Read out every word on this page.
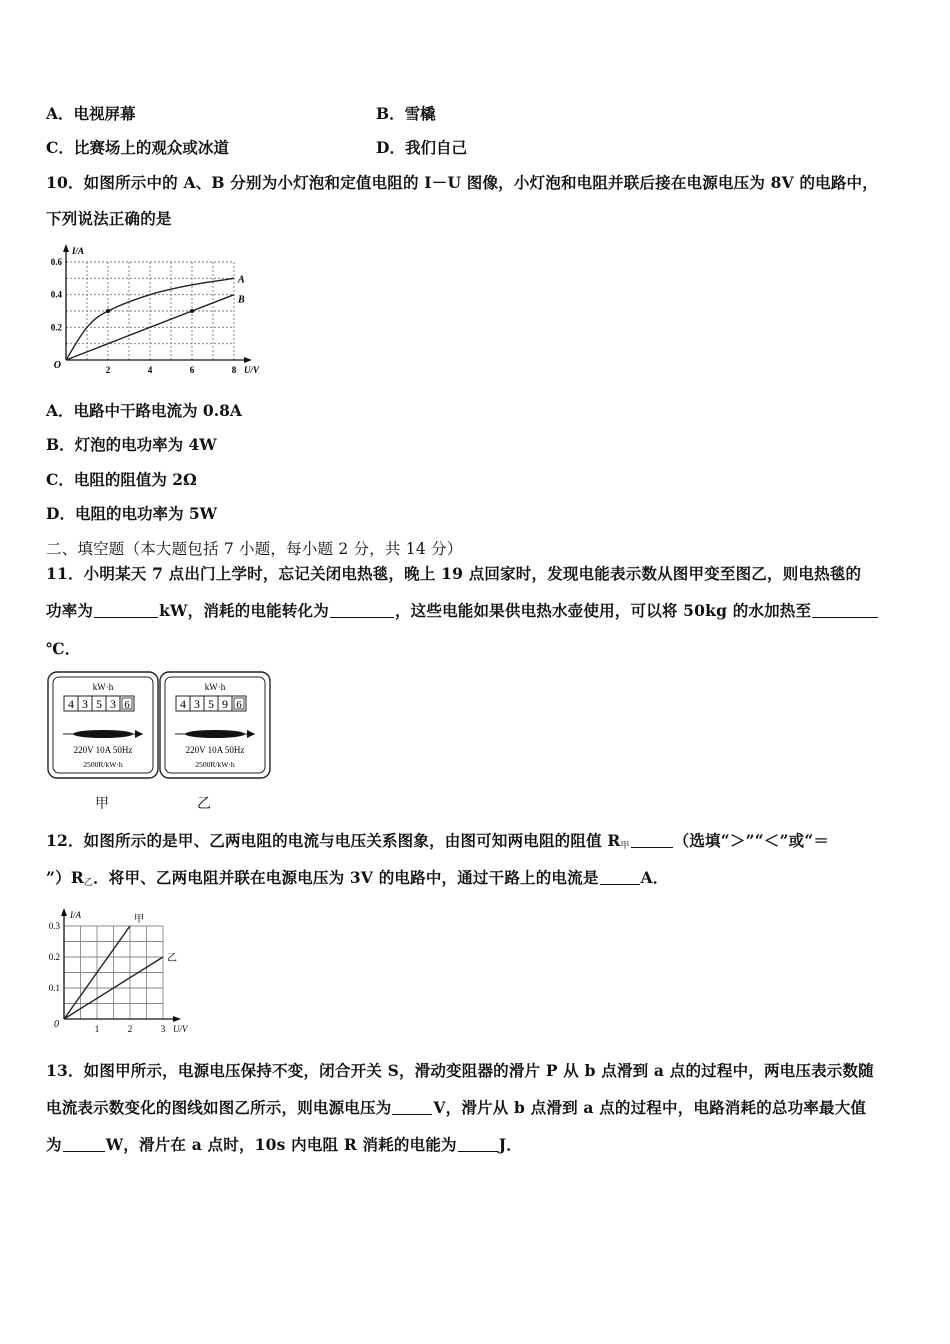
A．电视屏幕	B．雪橇
C．比赛场上的观众或冰道	D．我们自己
10．如图所示中的 A、B 分别为小灯泡和定值电阻的 I－U 图像，小灯泡和电阻并联后接在电源电压为 8V 的电路中，
下列说法正确的是
2	4	6	8
0.2
0.4
0.6
O	U/V
I/A
A
B
A．电路中干路电流为 0.8A
B．灯泡的电功率为 4W
C．电阻的阻值为 2Ω
D．电阻的电功率为 5W
二、填空题（本大题包括 7 小题，每小题 2 分，共 14 分）
11．小明某天 7 点出门上学时，忘记关闭电热毯，晚上 19 点回家时，发现电能表示数从图甲变至图乙，则电热毯的
功率为	kW，消耗的电能转化为	，这些电能如果供电热水壶使用，可以将 50kg 的水加热至
℃．
kW·h
4 3 5 3 6
220V 10A 50Hz
2500R/kW·h
kW·h
4 3 5 9 6
220V 10A 50Hz
2500R/kW·h
甲	乙
12．如图所示的是甲、乙两电阻的电流与电压关系图象，由图可知两电阻的阻值 $R_甲$	（选填“＞”“＜”或“＝
$”)R_乙$．将甲、乙两电阻并联在电源电压为 3V 的电路中，通过干路上的电流是	A．
1	2	3
0.1
0.2
0.3
0	U/V
I/A	甲
乙
13．如图甲所示，电源电压保持不变，闭合开关 S，滑动变阻器的滑片 P 从 b 点滑到 a 点的过程中，两电压表示数随
电流表示数变化的图线如图乙所示，则电源电压为	V，滑片从 b 点滑到 a 点的过程中，电路消耗的总功率最大值
为	W，滑片在 a 点时，10s 内电阻 R 消耗的电能为	J．
